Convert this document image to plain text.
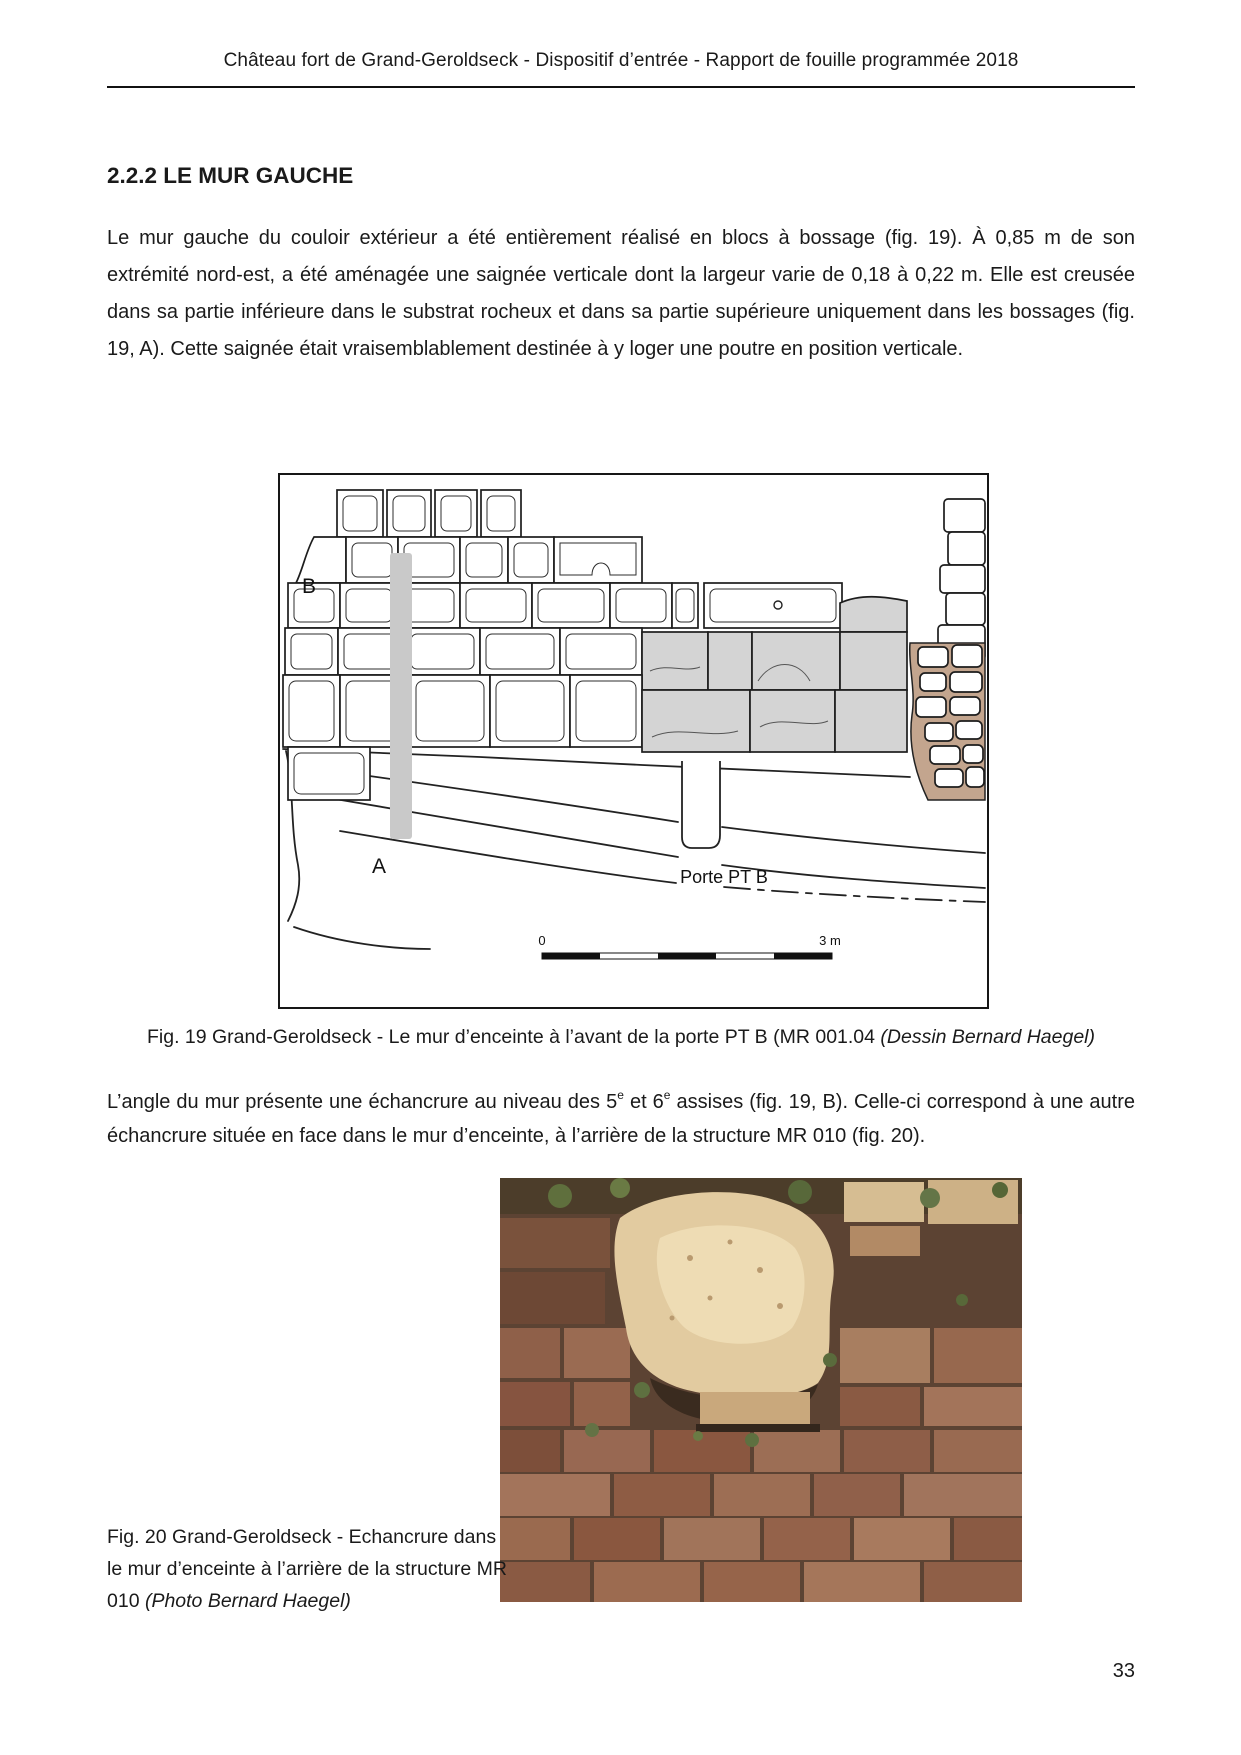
Château fort de Grand-Geroldseck - Dispositif d’entrée - Rapport de fouille programmée 2018
2.2.2 LE MUR GAUCHE

Le mur gauche du couloir extérieur a été entièrement réalisé en blocs à bossage (fig. 19). À 0,85 m de son extrémité nord-est, a été aménagée une saignée verticale dont la largeur varie de 0,18 à 0,22 m. Elle est creusée dans sa partie inférieure dans le substrat rocheux et dans sa partie supérieure uniquement dans les bossages (fig. 19, A). Cette saignée était vraisemblablement destinée à y loger une poutre en position verticale.

B
A	Porte PT B
0	3 m

Fig. 19 Grand-Geroldseck - Le mur d’enceinte à l’avant de la porte PT B (MR 001.04 (Dessin Bernard Haegel)

L’angle du mur présente une échancrure au niveau des 5e et 6e assises (fig. 19, B). Celle-ci correspond à une autre échancrure située en face dans le mur d’enceinte, à l’arrière de la structure MR 010 (fig. 20).

Fig. 20 Grand-Geroldseck - Echancrure dans le mur d’enceinte à l’arrière de la structure MR 010 (Photo Bernard Haegel)

33
